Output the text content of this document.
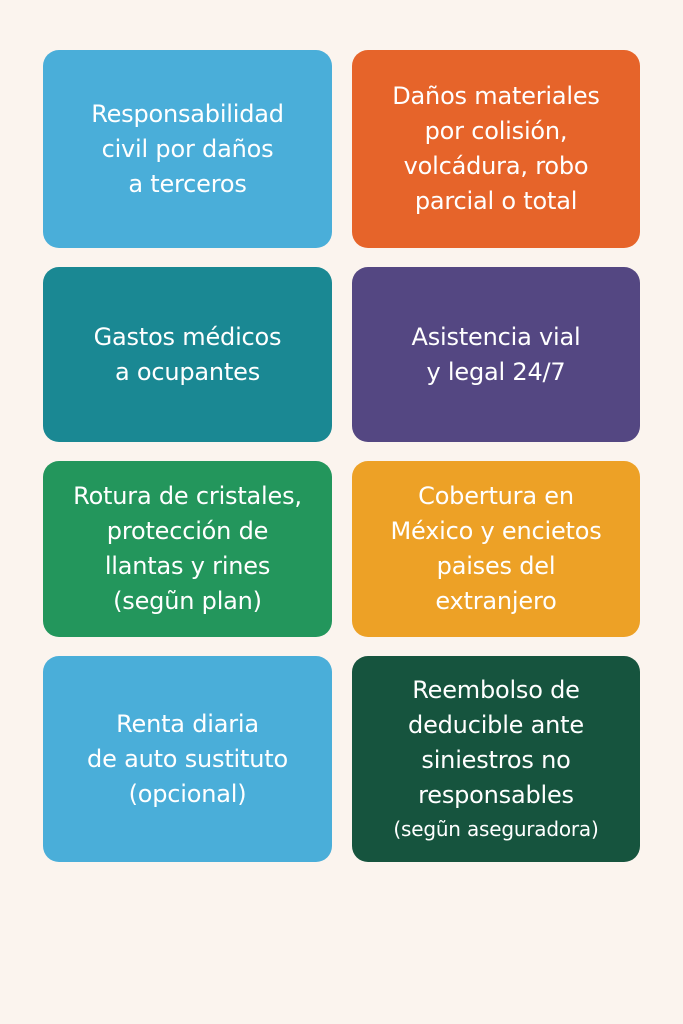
Responsabilidad
civil por daños
a terceros
Daños materiales
por colisión,
volcádura, robo
parcial o total
Gastos médicos
a ocupantes
Asistencia vial
y legal 24/7
Rotura de cristales,
protección de
llantas y rines
(segũn plan)
Cobertura en
México y encietos
paises del
extranjero
Renta diaria
de auto sustituto
(opcional)
Reembolso de
deducible ante
siniestros no
responsables
(segũn aseguradora)
